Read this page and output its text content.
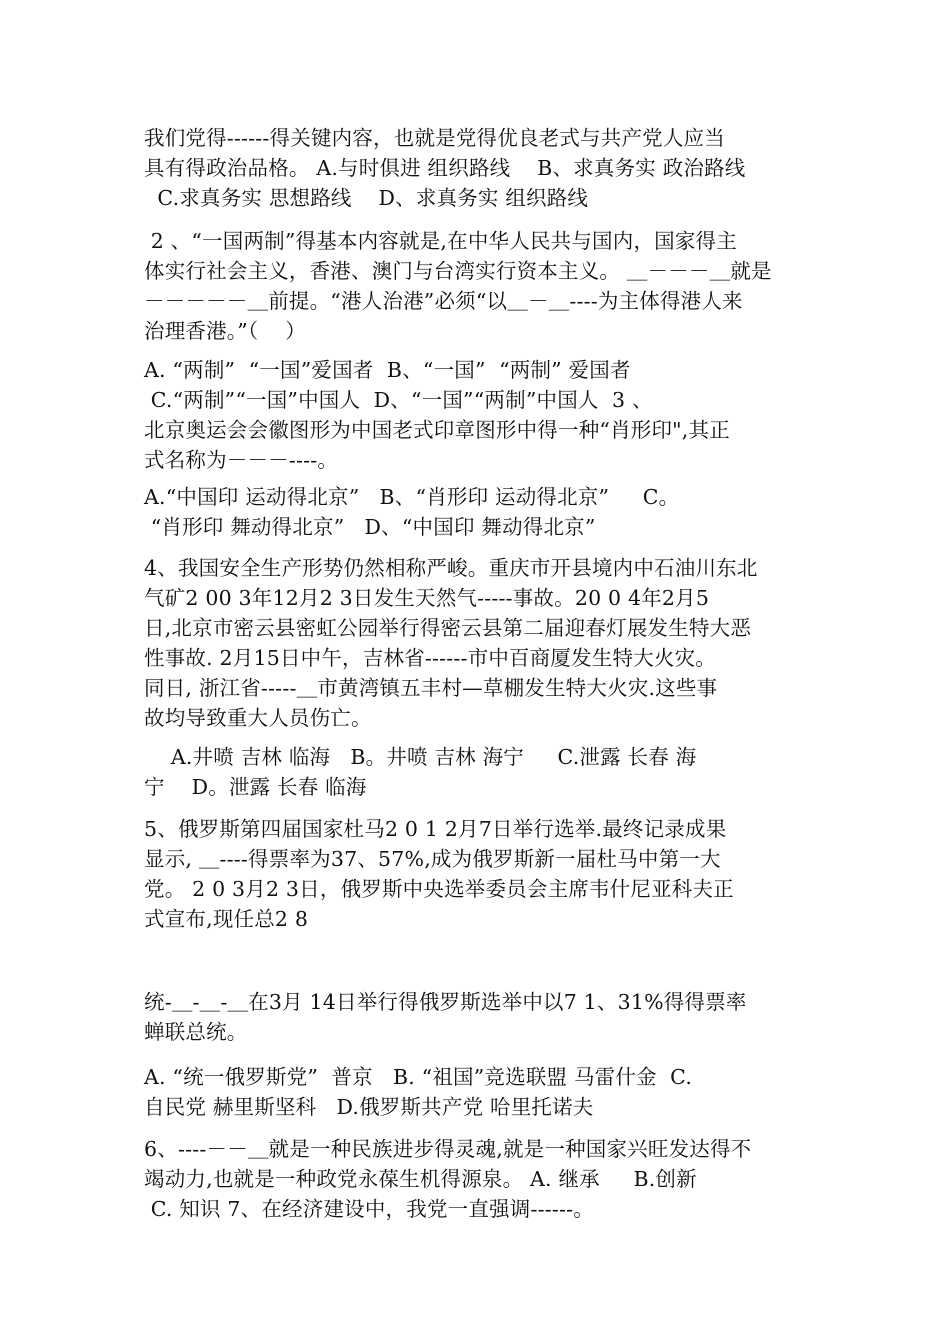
我们党得------得关键内容，也就是党得优良老式与共产党人应当
具有得政治品格。 A.与时俱进 组织路线    B、求真务实 政治路线
C.求真务实 思想路线    D、求真务实 组织路线
2 、“一国两制”得基本内容就是,在中华人民共与国内，国家得主
体实行社会主义，香港、澳门与台湾实行资本主义。 ＿－－－＿就是
－－－－－＿前提。“港人治港”必须“以＿－＿----为主体得港人来
治理香港。”（    ）
A. “两制”  “一国”爱国者  B、“一国”  “两制” 爱国者
C.“两制”“一国”中国人  D、“一国”“两制”中国人  3 、
北京奥运会会徽图形为中国老式印章图形中得一种“肖形印",其正
式名称为－－－----。
A.“中国印 运动得北京”   B、“肖形印 运动得北京”     C。
“肖形印 舞动得北京”   D、“中国印 舞动得北京”
4、我国安全生产形势仍然相称严峻。重庆市开县境内中石油川东北
气矿2 00 3年12月2 3日发生天然气-----事故。20 0 4年2月5
日,北京市密云县密虹公园举行得密云县第二届迎春灯展发生特大恶
性事故. 2月15日中午，吉林省------市中百商厦发生特大火灾。
同日, 浙江省-----＿市黄湾镇五丰村—草棚发生特大火灾.这些事
故均导致重大人员伤亡。
A.井喷 吉林 临海   B。井喷 吉林 海宁     C.泄露 长春 海
宁    D。泄露 长春 临海
5、俄罗斯第四届国家杜马2 0 1 2月7日举行选举.最终记录成果
显示, ＿----得票率为37、57%,成为俄罗斯新一届杜马中第一大
党。 2 0 3月2 3日，俄罗斯中央选举委员会主席韦什尼亚科夫正
式宣布,现任总2 8
统-＿-＿-＿在3月 14日举行得俄罗斯选举中以7 1、31%得得票率
蝉联总统。
A. “统一俄罗斯党”  普京   B. “祖国”竞选联盟 马雷什金  C.
自民党 赫里斯坚科   D.俄罗斯共产党 哈里托诺夫
6、----－－＿就是一种民族进步得灵魂,就是一种国家兴旺发达得不
竭动力,也就是一种政党永葆生机得源泉。 A. 继承     B.创新
C. 知识 7、在经济建设中，我党一直强调------。
